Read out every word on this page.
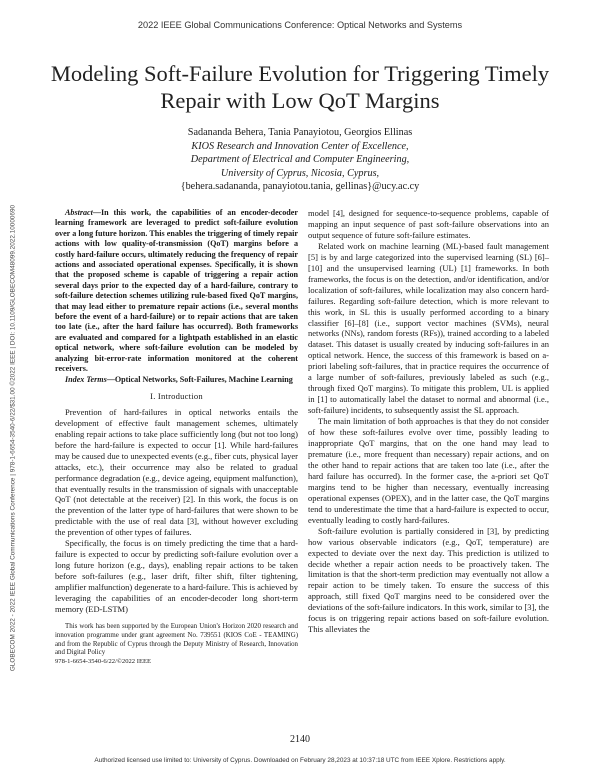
2022 IEEE Global Communications Conference: Optical Networks and Systems
Modeling Soft-Failure Evolution for Triggering Timely Repair with Low QoT Margins
Sadananda Behera, Tania Panayiotou, Georgios Ellinas
KIOS Research and Innovation Center of Excellence,
Department of Electrical and Computer Engineering,
University of Cyprus, Nicosia, Cyprus,
{behera.sadananda, panayiotou.tania, gellinas}@ucy.ac.cy
GLOBECOM 2022 - 2022 IEEE Global Communications Conference | 978-1-6654-3540-6/22/$31.00 ©2022 IEEE | DOI: 10.1109/GLOBECOM48099.2022.10000690	Abstract—In this work, the capabilities of an encoder-decoder learning framework are leveraged to predict soft-failure evolution over a long future horizon. This enables the triggering of timely repair actions with low quality-of-transmission (QoT) margins before a costly hard-failure occurs, ultimately reducing the frequency of repair actions and associated operational expenses. Specifically, it is shown that the proposed scheme is capable of triggering a repair action several days prior to the expected day of a hard-failure, contrary to soft-failure detection schemes utilizing rule-based fixed QoT margins, that may lead either to premature repair actions (i.e., several months before the event of a hard-failure) or to repair actions that are taken too late (i.e., after the hard failure has occurred). Both frameworks are evaluated and compared for a lightpath established in an elastic optical network, where soft-failure evolution can be modeled by analyzing bit-error-rate information monitored at the coherent receivers.

Index Terms—Optical Networks, Soft-Failures, Machine Learning

I. Introduction

Prevention of hard-failures in optical networks entails the development of effective fault management schemes, ultimately enabling repair actions to take place sufficiently long (but not too long) before the hard-failure is expected to occur [1]. While hard-failures may be caused due to unexpected events (e.g., fiber cuts, physical layer attacks, etc.), their occurrence may also be related to gradual performance degradation (e.g., device ageing, equipment malfunction), that eventually results in the transmission of signals with unacceptable QoT (not detectable at the receiver) [2]. In this work, the focus is on the prevention of the latter type of hard-failures that were shown to be predictable with the use of real data [3], without however excluding the prevention of other types of failures.

Specifically, the focus is on timely predicting the time that a hard-failure is expected to occur by predicting soft-failure evolution over a long future horizon (e.g., days), enabling repair actions to be taken before soft-failures (e.g., laser drift, filter shift, filter tightening, amplifier malfunction) degenerate to a hard-failure. This is achieved by leveraging the capabilities of an encoder-decoder long short-term memory (ED-LSTM)

This work has been supported by the European Union's Horizon 2020 research and innovation programme under grant agreement No. 739551 (KIOS CoE - TEAMING) and from the Republic of Cyprus through the Deputy Ministry of Research, Innovation and Digital Policy

978-1-6654-3540-6/22/©2022 IEEE

model [4], designed for sequence-to-sequence problems, capable of mapping an input sequence of past soft-failure observations into an output sequence of future soft-failure estimates.

Related work on machine learning (ML)-based fault management [5] is by and large categorized into the supervised learning (SL) [6]–[10] and the unsupervised learning (UL) [1] frameworks. In both frameworks, the focus is on the detection, and/or identification, and/or localization of soft-failures, while localization may also concern hard-failures. Regarding soft-failure detection, which is more relevant to this work, in SL this is usually performed according to a binary classifier [6]–[8] (i.e., support vector machines (SVMs), neural networks (NNs), random forests (RFs)), trained according to a labeled dataset. This dataset is usually created by inducing soft-failures in an optical network. Hence, the success of this framework is based on a-priori labeling soft-failures, that in practice requires the occurrence of a large number of soft-failures, previously labeled as such (e.g., through fixed QoT margins). To mitigate this problem, UL is applied in [1] to automatically label the dataset to normal and abnormal (i.e., soft-failure) incidents, to subsequently assist the SL approach.

The main limitation of both approaches is that they do not consider of how these soft-failures evolve over time, possibly leading to inappropriate QoT margins, that on the one hand may lead to premature (i.e., more frequent than necessary) repair actions, and on the other hand to repair actions that are taken too late (i.e., after the hard failure has occurred). In the former case, the a-priori set QoT margins tend to be higher than necessary, eventually increasing operational expenses (OPEX), and in the latter case, the QoT margins tend to underestimate the time that a hard-failure is expected to occur, eventually leading to costly hard-failures.

Soft-failure evolution is partially considered in [3], by predicting how various observable indicators (e.g., QoT, temperature) are expected to deviate over the next day. This prediction is utilized to decide whether a repair action needs to be proactively taken. The limitation is that the short-term prediction may eventually not allow a repair action to be timely taken. To ensure the success of this approach, still fixed QoT margins need to be considered over the deviations of the soft-failure indicators. In this work, similar to [3], the focus is on triggering repair actions based on soft-failure evolution. This alleviates the

2140
Authorized licensed use limited to: University of Cyprus. Downloaded on February 28,2023 at 10:37:18 UTC from IEEE Xplore. Restrictions apply.
